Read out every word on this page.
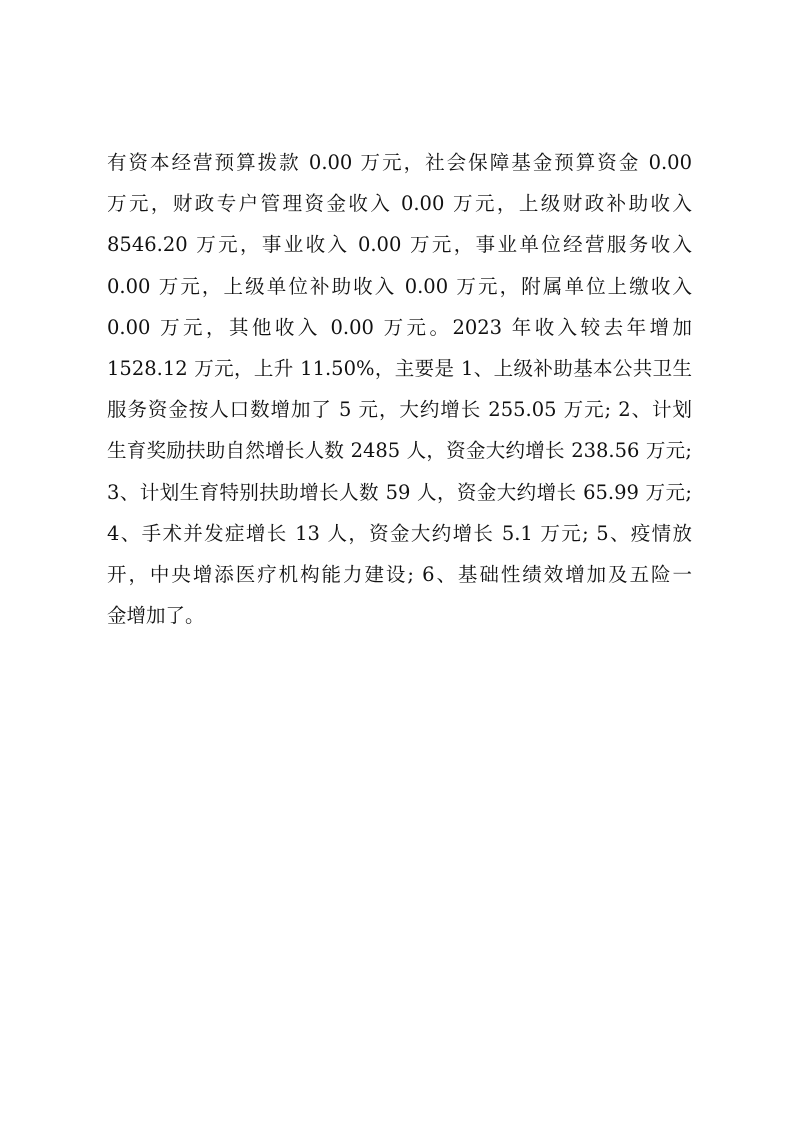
有资本经营预算拨款 0.00 万元，社会保障基金预算资金 0.00
万元，财政专户管理资金收入 0.00 万元，上级财政补助收入
8546.20 万元，事业收入 0.00 万元，事业单位经营服务收入
0.00 万元，上级单位补助收入 0.00 万元，附属单位上缴收入
0.00 万元，其他收入 0.00 万元。2023 年收入较去年增加
1528.12 万元，上升 11.50%，主要是 1、上级补助基本公共卫生
服务资金按人口数增加了 5 元，大约增长 255.05 万元; 2、计划
生育奖励扶助自然增长人数 2485 人，资金大约增长 238.56 万元;
3、计划生育特别扶助增长人数 59 人，资金大约增长 65.99 万元;
4、手术并发症增长 13 人，资金大约增长 5.1 万元; 5、疫情放
开，中央增添医疗机构能力建设; 6、基础性绩效增加及五险一
金增加了。
